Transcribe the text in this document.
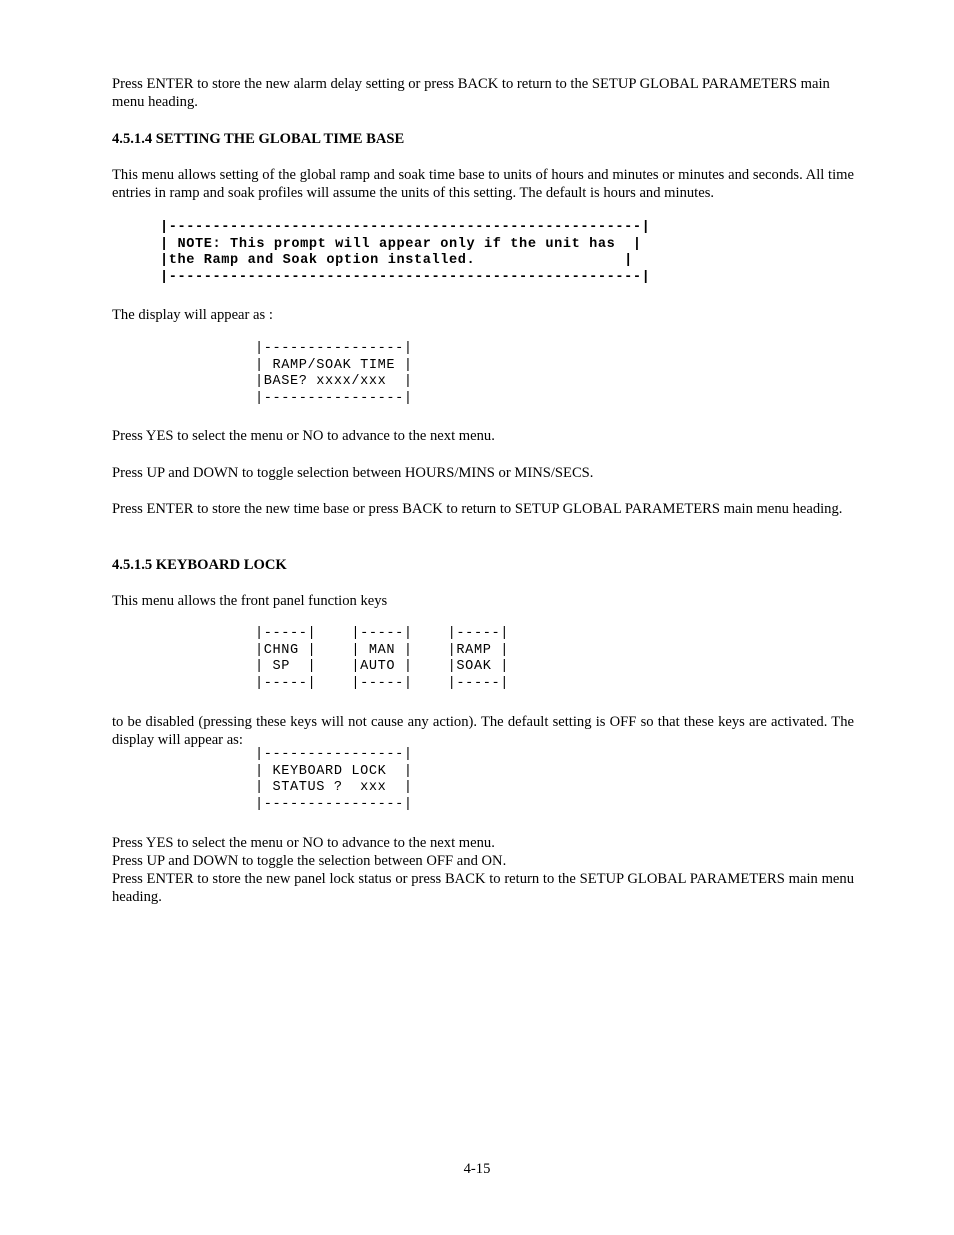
Press ENTER to store the new alarm delay setting or press BACK to return to the SETUP GLOBAL PARAMETERS main menu heading.

4.5.1.4 SETTING THE GLOBAL TIME BASE

This menu allows setting of the global ramp and soak time base to units of hours and minutes or minutes and seconds. All time entries in ramp and soak profiles will assume the units of this setting. The default is hours and minutes.

|------------------------------------------------------|
| NOTE: This prompt will appear only if the unit has  |
|the Ramp and Soak option installed.                 |
|------------------------------------------------------|

The display will appear as :

|----------------|
| RAMP/SOAK TIME |
|BASE? xxxx/xxx  |
|----------------|

Press YES to select the menu or NO to advance to the next menu.

Press UP and DOWN to toggle selection between HOURS/MINS or MINS/SECS.

Press ENTER to store the new time base or press BACK to return to SETUP GLOBAL PARAMETERS main menu heading.

4.5.1.5 KEYBOARD LOCK

This menu allows the front panel function keys

|-----|    |-----|    |-----|
|CHNG |    | MAN |    |RAMP |
| SP  |    |AUTO |    |SOAK |
|-----|    |-----|    |-----|

to be disabled (pressing these keys will not cause any action). The default setting is OFF so that these keys are activated. The display will appear as:

|----------------|
| KEYBOARD LOCK  |
| STATUS ?  xxx  |
|----------------|

Press YES to select the menu or NO to advance to the next menu.

Press UP and DOWN to toggle the selection between OFF and ON.

Press ENTER to store the new panel lock status or press BACK to return to the SETUP GLOBAL PARAMETERS main menu heading.

4-15
